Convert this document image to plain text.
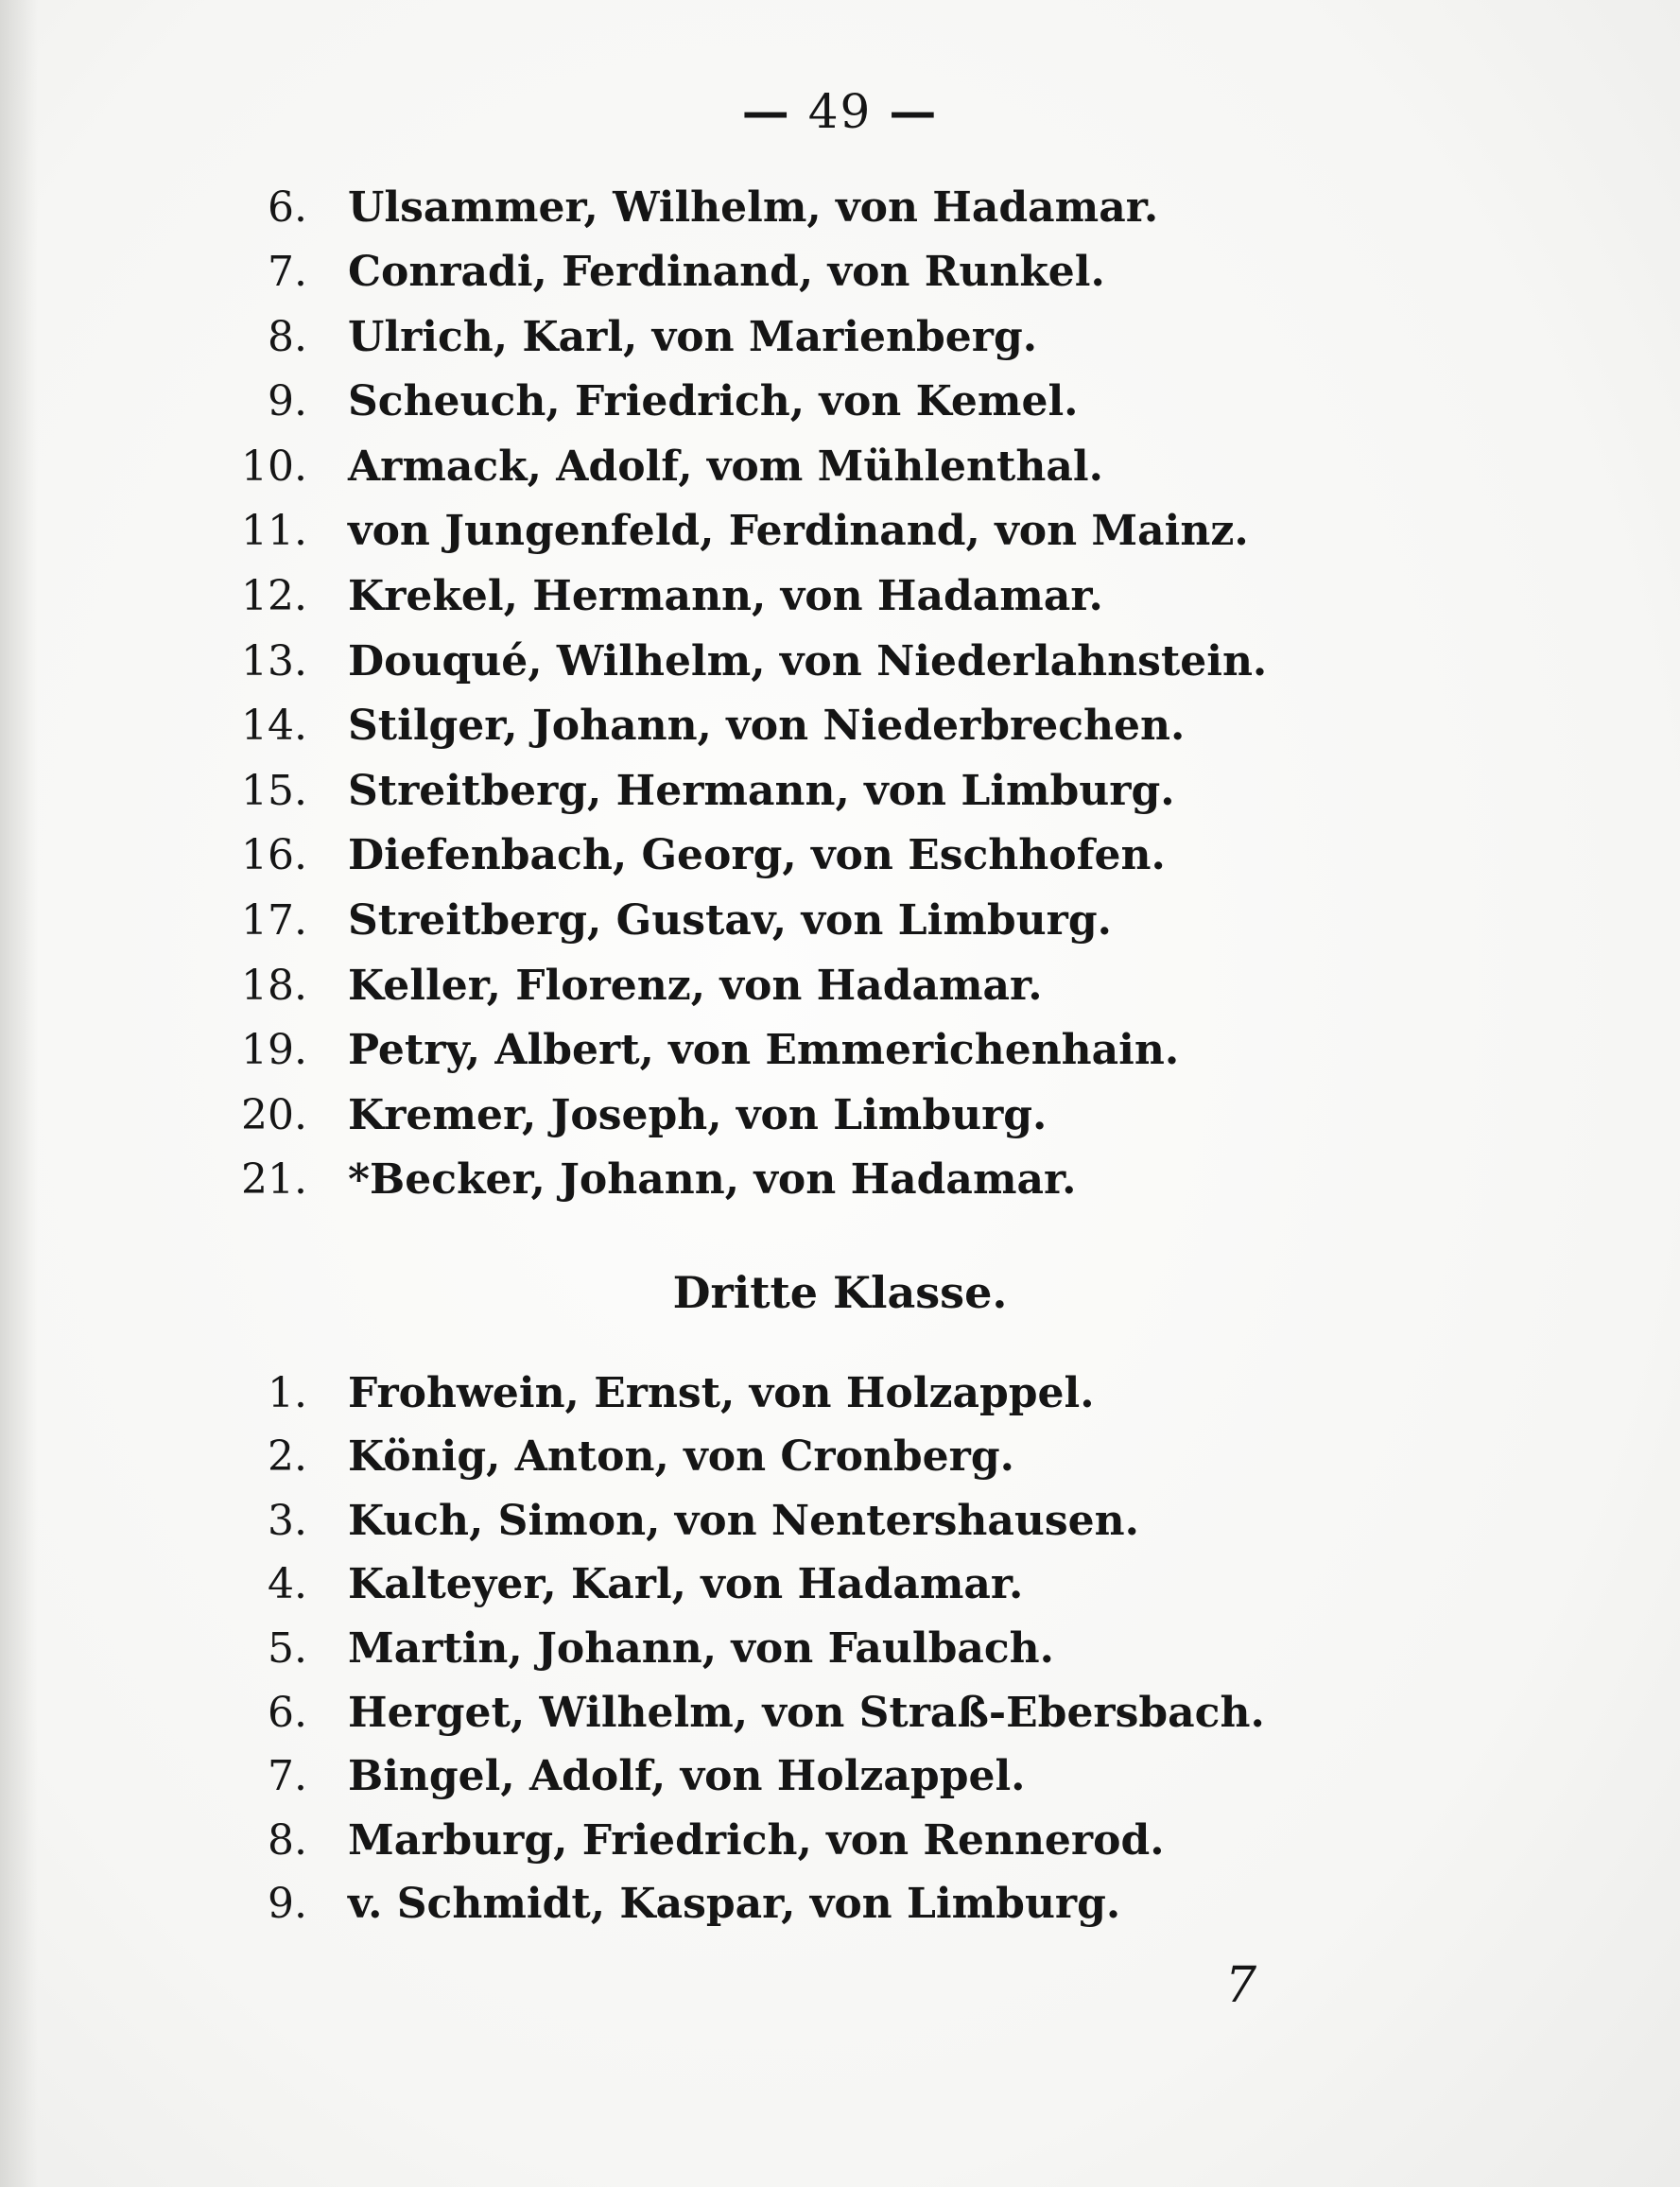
— 49 —
6. Ulsammer, Wilhelm, von Hadamar.
7. Conradi, Ferdinand, von Runkel.
8. Ulrich, Karl, von Marienberg.
9. Scheuch, Friedrich, von Kemel.
10. Armack, Adolf, vom Mühlenthal.
11. von Jungenfeld, Ferdinand, von Mainz.
12. Krekel, Hermann, von Hadamar.
13. Douqué, Wilhelm, von Niederlahnstein.
14. Stilger, Johann, von Niederbrechen.
15. Streitberg, Hermann, von Limburg.
16. Diefenbach, Georg, von Eschhofen.
17. Streitberg, Gustav, von Limburg.
18. Keller, Florenz, von Hadamar.
19. Petry, Albert, von Emmerichenhain.
20. Kremer, Joseph, von Limburg.
21. *Becker, Johann, von Hadamar.
Dritte Klasse.
1. Frohwein, Ernst, von Holzappel.
2. König, Anton, von Cronberg.
3. Kuch, Simon, von Nentershausen.
4. Kalteyer, Karl, von Hadamar.
5. Martin, Johann, von Faulbach.
6. Herget, Wilhelm, von Straß-Ebersbach.
7. Bingel, Adolf, von Holzappel.
8. Marburg, Friedrich, von Rennerod.
9. v. Schmidt, Kaspar, von Limburg.
7
